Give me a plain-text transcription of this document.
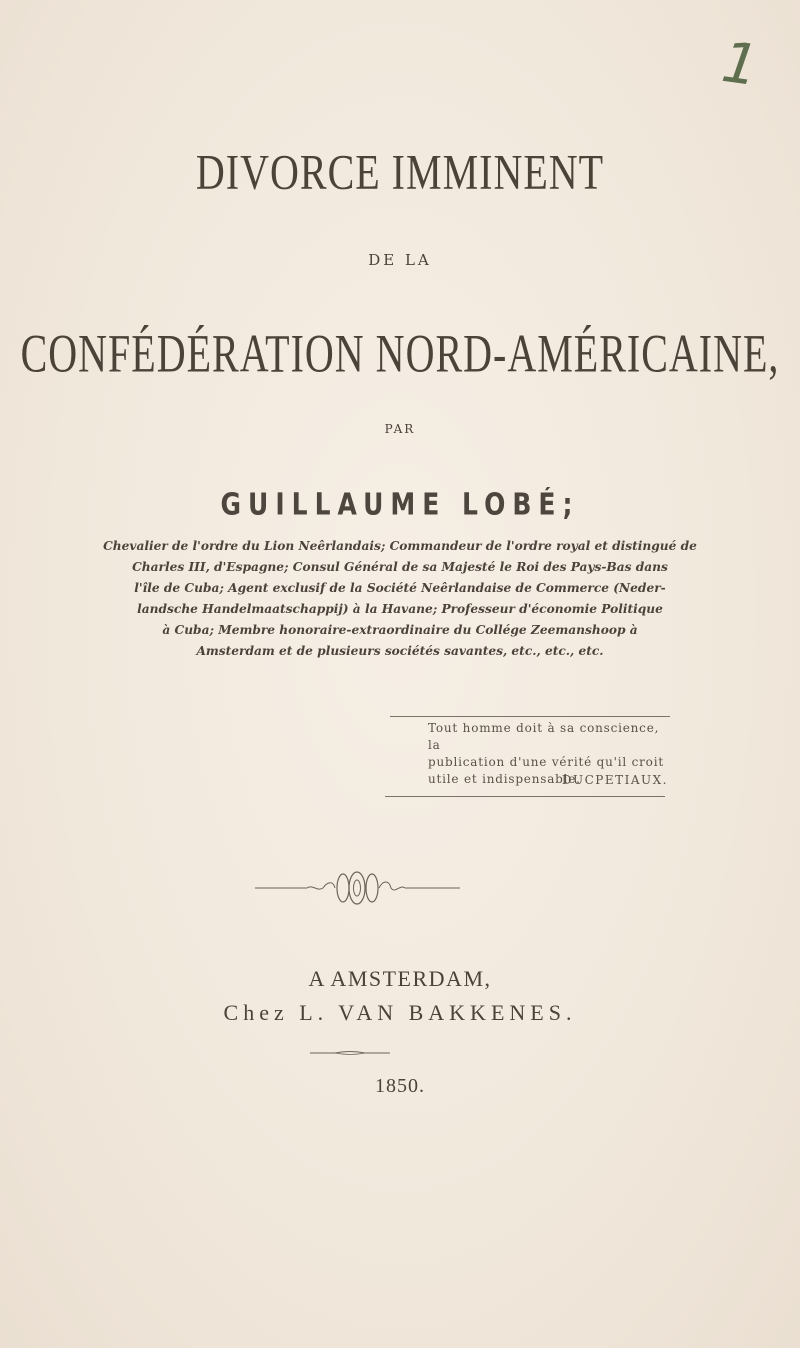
1
DIVORCE IMMINENT
DE LA
CONFÉDÉRATION NORD-AMÉRICAINE,
PAR
GUILLAUME LOBÉ;
Chevalier de l'ordre du Lion Neêrlandais; Commandeur de l'ordre royal et distingué de
Charles III, d'Espagne; Consul Général de sa Majesté le Roi des Pays-Bas dans
l'île de Cuba; Agent exclusif de la Société Neêrlandaise de Commerce (Neder-
landsche Handelmaatschappij) à la Havane; Professeur d'économie Politique
à Cuba; Membre honoraire-extraordinaire du Collége Zeemanshoop à
Amsterdam et de plusieurs sociétés savantes, etc., etc., etc.
Tout homme doit à sa conscience, la
publication d'une vérité qu'il croit
utile et indispensable.
DUCPETIAUX.
A AMSTERDAM,
Chez L. VAN BAKKENES.
1850.
